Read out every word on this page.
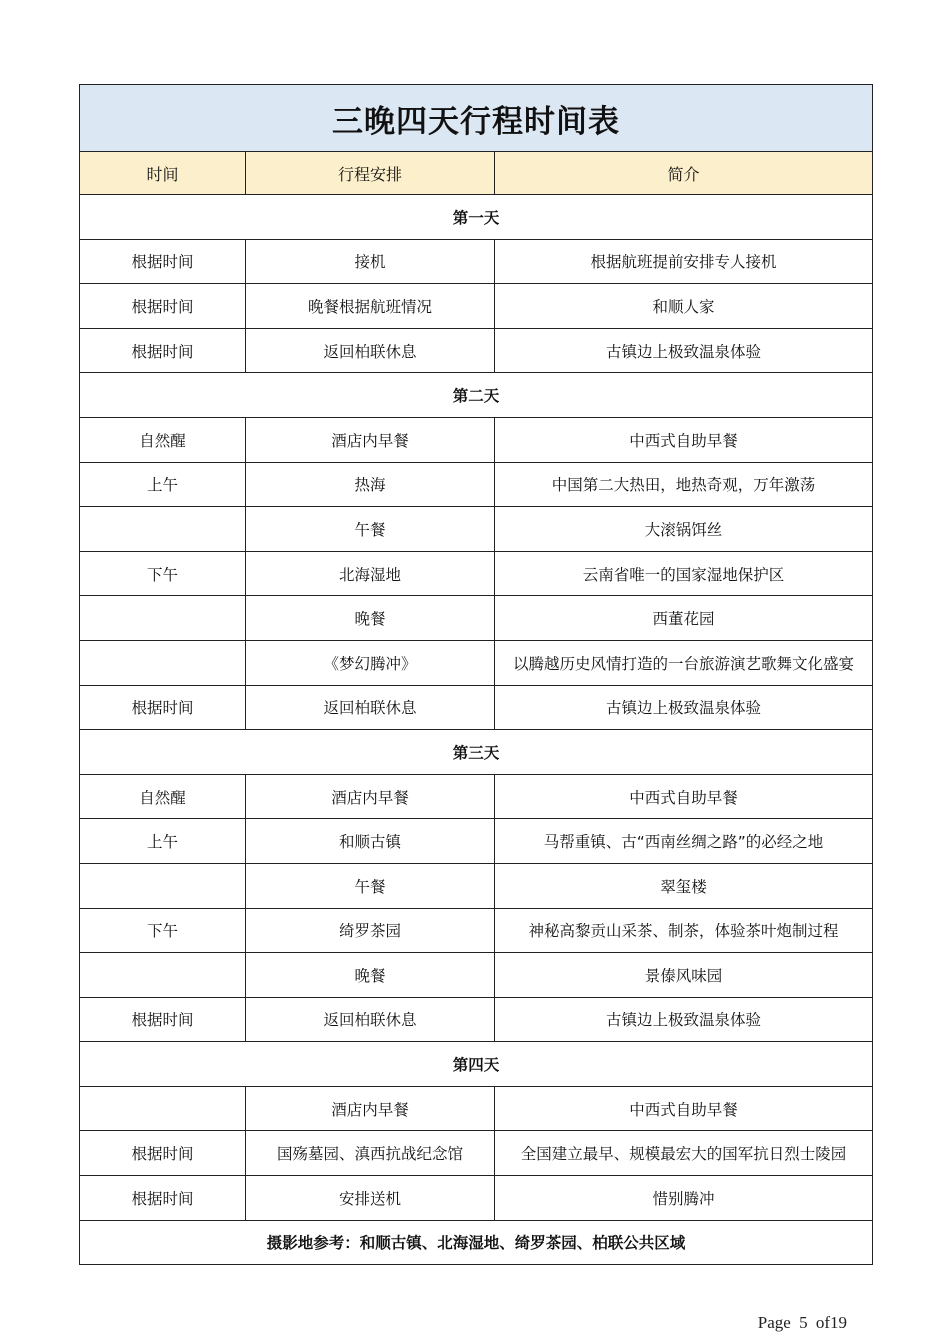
三晚四天行程时间表		
时间	行程安排	简介
第一天		
根据时间	接机	根据航班提前安排专人接机
根据时间	晚餐根据航班情况	和顺人家
根据时间	返回柏联休息	古镇边上极致温泉体验
第二天		
自然醒	酒店内早餐	中西式自助早餐
上午	热海	中国第二大热田，地热奇观，万年激荡
	午餐	大滚锅饵丝
下午	北海湿地	云南省唯一的国家湿地保护区
	晚餐	西董花园
	《梦幻腾冲》	以腾越历史风情打造的一台旅游演艺歌舞文化盛宴
根据时间	返回柏联休息	古镇边上极致温泉体验
第三天		
自然醒	酒店内早餐	中西式自助早餐
上午	和顺古镇	马帮重镇、古“西南丝绸之路”的必经之地
	午餐	翠玺楼
下午	绮罗茶园	神秘高黎贡山采茶、制茶，体验茶叶炮制过程
	晚餐	景傣风味园
根据时间	返回柏联休息	古镇边上极致温泉体验
第四天		
	酒店内早餐	中西式自助早餐
根据时间	国殇墓园、滇西抗战纪念馆	全国建立最早、规模最宏大的国军抗日烈士陵园
根据时间	安排送机	惜别腾冲
摄影地参考：和顺古镇、北海湿地、绮罗茶园、柏联公共区域		
Page 5 of19
